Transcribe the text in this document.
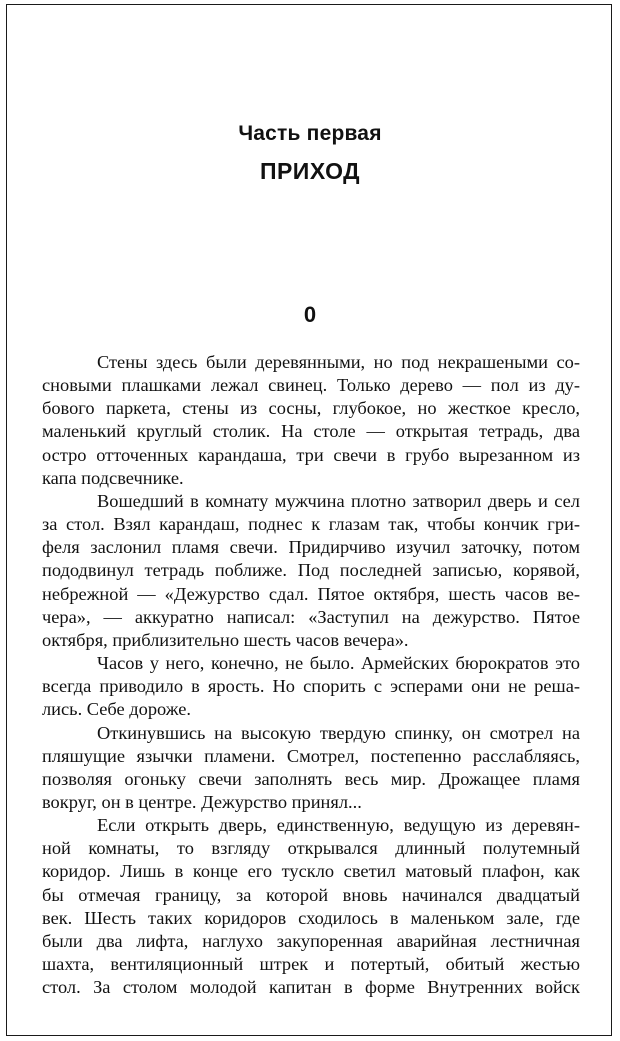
Часть первая
ПРИХОД
0

Стены здесь были деревянными, но под некрашеными со-
сновыми плашками лежал свинец. Только дерево — пол из ду-
бового паркета, стены из сосны, глубокое, но жесткое кресло,
маленький круглый столик. На столе — открытая тетрадь, два
остро отточенных карандаша, три свечи в грубо вырезанном из
капа подсвечнике.

Вошедший в комнату мужчина плотно затворил дверь и сел
за стол. Взял карандаш, поднес к глазам так, чтобы кончик гри-
феля заслонил пламя свечи. Придирчиво изучил заточку, потом
пододвинул тетрадь поближе. Под последней записью, корявой,
небрежной — «Дежурство сдал. Пятое октября, шесть часов ве-
чера», — аккуратно написал: «Заступил на дежурство. Пятое
октября, приблизительно шесть часов вечера».

Часов у него, конечно, не было. Армейских бюрократов это
всегда приводило в ярость. Но спорить с эсперами они не реша-
лись. Себе дороже.

Откинувшись на высокую твердую спинку, он смотрел на
пляшущие язычки пламени. Смотрел, постепенно расслабляясь,
позволяя огоньку свечи заполнять весь мир. Дрожащее пламя
вокруг, он в центре. Дежурство принял...

Если открыть дверь, единственную, ведущую из деревян-
ной комнаты, то взгляду открывался длинный полутемный
коридор. Лишь в конце его тускло светил матовый плафон, как
бы отмечая границу, за которой вновь начинался двадцатый
век. Шесть таких коридоров сходилось в маленьком зале, где
были два лифта, наглухо закупоренная аварийная лестничная
шахта, вентиляционный штрек и потертый, обитый жестью
стол. За столом молодой капитан в форме Внутренних войск
